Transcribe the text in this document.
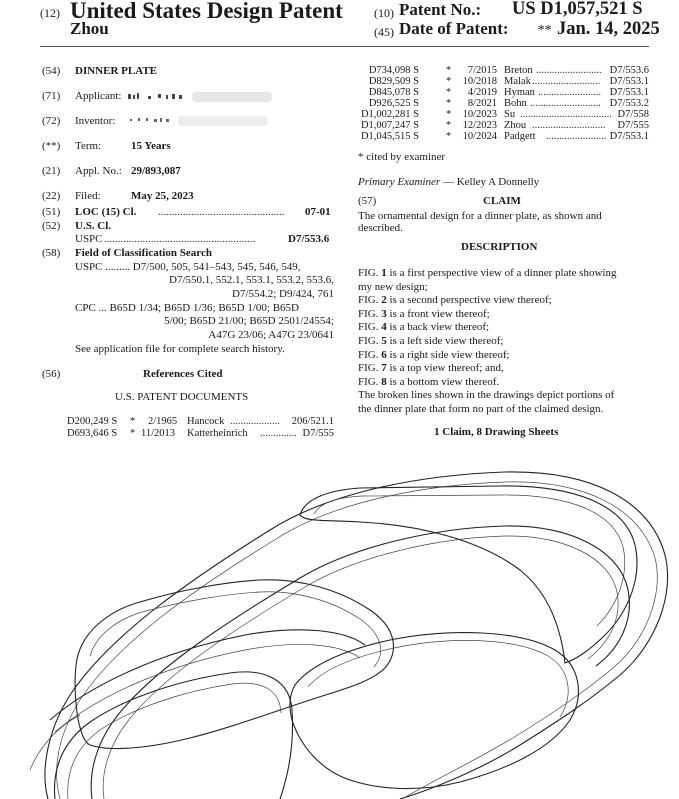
(12) United States Design Patent	(10) Patent No.: US D1,057,521 S
Zhou	(45) Date of Patent: ** Jan. 14, 2025
(54) DINNER PLATE
(71) Applicant:
(72) Inventor:
(**) Term:	15 Years
(21) Appl. No.: 29/893,087
(22) Filed:	May 25, 2023
(51) LOC (15) Cl. .............................................. 07-01
(52) U.S. Cl.
USPC .......................................................	D7/553.6
(58) Field of Classification Search
USPC ......... D7/500, 505, 541–543, 545, 546, 549,
D7/550.1, 552.1, 553.1, 553.2, 553.6,
D7/554.2; D9/424, 761
CPC ... B65D 1/34; B65D 1/36; B65D 1/00; B65D
5/00; B65D 21/00; B65D 2501/24554;
A47G 23/06; A47G 23/0641
See application file for complete search history.
(56)	References Cited
U.S. PATENT DOCUMENTS
D200,249 S * 2/1965 Hancock ................... 206/521.1
D693,646 S * 11/2013 Katterheinrich .............. D7/555
D734,098 S	* 7/2015 Breton ......................... D7/553.6
D829,509 S	* 10/2018 Malak .......................... D7/553.1
D845,078 S	* 4/2019 Hyman ........................ D7/553.1
D926,525 S	* 8/2021 Bohn ........................... D7/553.2
D1,002,281 S	* 10/2023 Su ................................... D7/558
D1,007,247 S	* 12/2023 Zhou ............................ D7/555
D1,045,515 S	* 10/2024 Padgett ....................... D7/553.1
* cited by examiner
Primary Examiner — Kelley A Donnelly
(57)	CLAIM
The ornamental design for a dinner plate, as shown and
described.
DESCRIPTION
FIG. 1 is a first perspective view of a dinner plate showing
my new design;
FIG. 2 is a second perspective view thereof;
FIG. 3 is a front view thereof;
FIG. 4 is a back view thereof;
FIG. 5 is a left side view thereof;
FIG. 6 is a right side view thereof;
FIG. 7 is a top view thereof; and,
FIG. 8 is a bottom view thereof.
The broken lines shown in the drawings depict portions of
the dinner plate that form no part of the claimed design.
1 Claim, 8 Drawing Sheets
